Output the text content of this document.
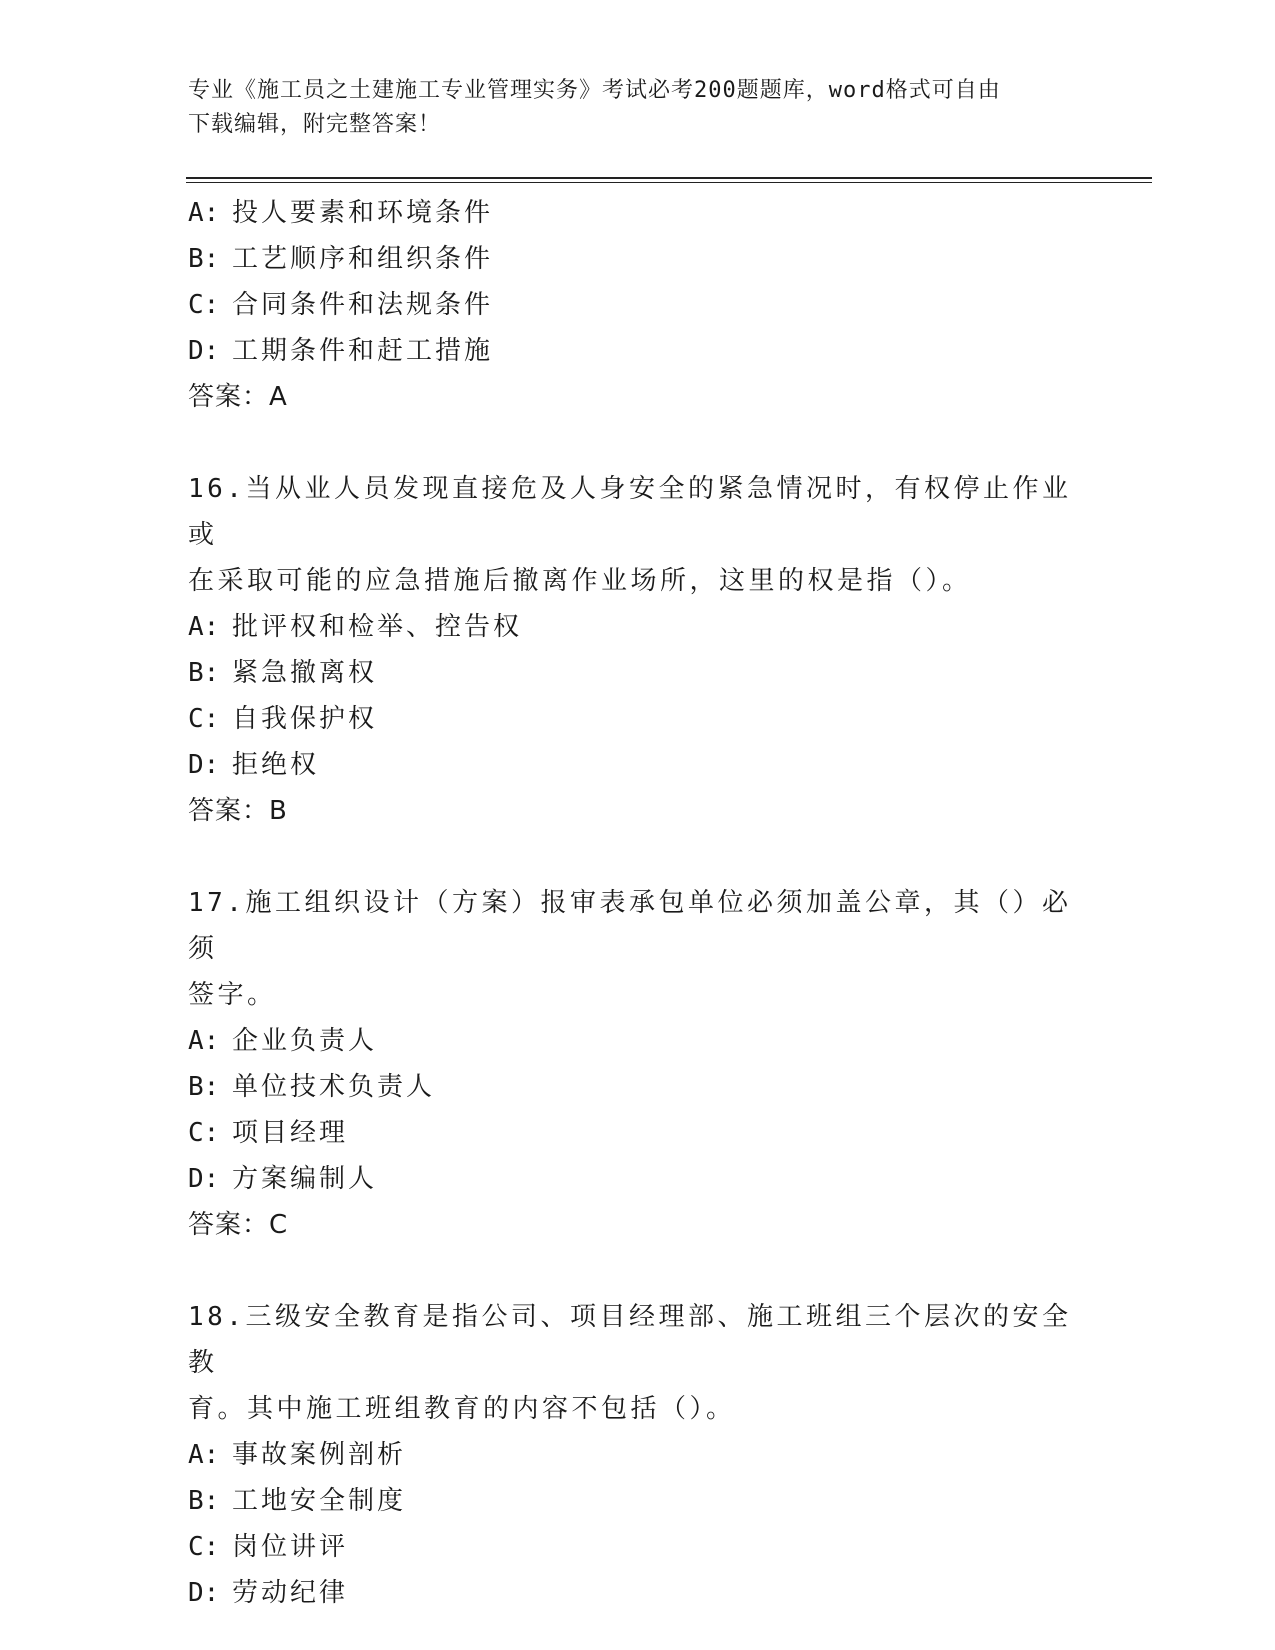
专业《施工员之土建施工专业管理实务》考试必考200题题库，word格式可自由
下载编辑，附完整答案！
A: 投人要素和环境条件
B: 工艺顺序和组织条件
C: 合同条件和法规条件
D: 工期条件和赶工措施
答案：A
16.当从业人员发现直接危及人身安全的紧急情况时，有权停止作业或
在采取可能的应急措施后撤离作业场所，这里的权是指（）。
A: 批评权和检举、控告权
B: 紧急撤离权
C: 自我保护权
D: 拒绝权
答案：B
17.施工组织设计（方案）报审表承包单位必须加盖公章，其（）必须
签字。
A: 企业负责人
B: 单位技术负责人
C: 项目经理
D: 方案编制人
答案：C
18.三级安全教育是指公司、项目经理部、施工班组三个层次的安全教
育。其中施工班组教育的内容不包括（）。
A: 事故案例剖析
B: 工地安全制度
C: 岗位讲评
D: 劳动纪律
